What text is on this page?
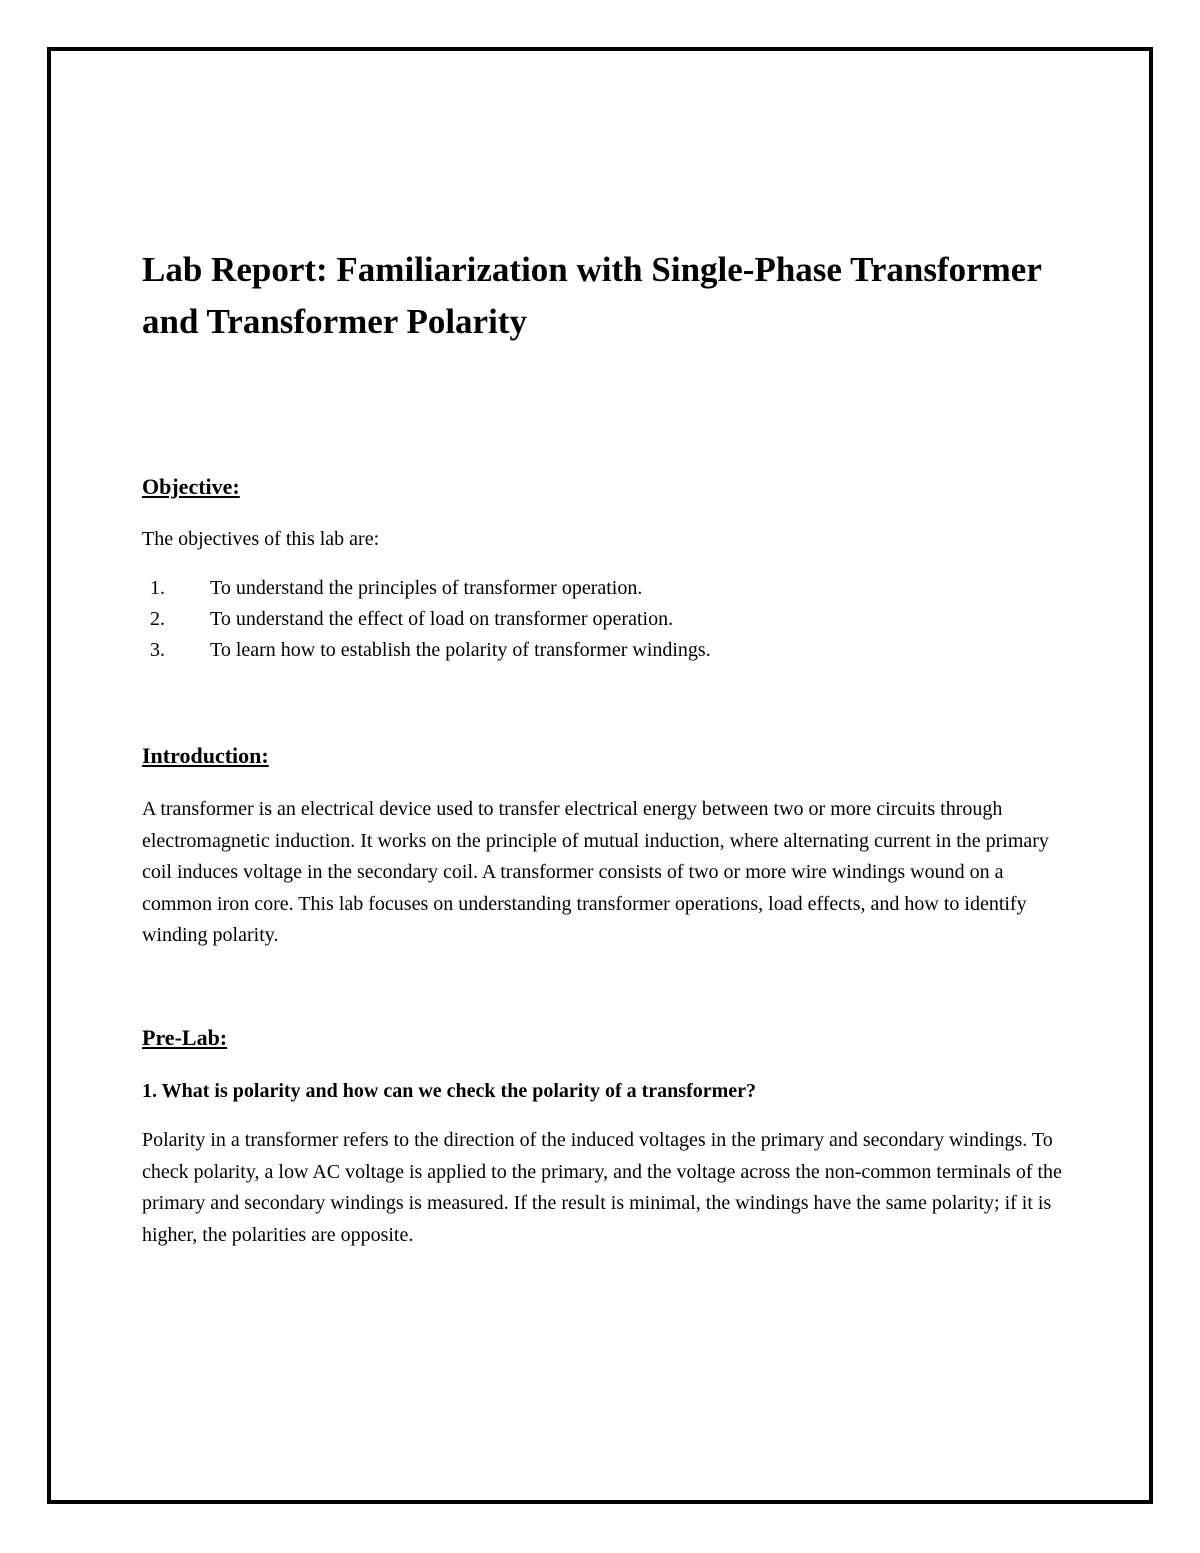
Lab Report: Familiarization with Single-Phase Transformer and Transformer Polarity
Objective:

The objectives of this lab are:

1.	To understand the principles of transformer operation.
2.	To understand the effect of load on transformer operation.
3.	To learn how to establish the polarity of transformer windings.
Introduction:

A transformer is an electrical device used to transfer electrical energy between two or more circuits through electromagnetic induction. It works on the principle of mutual induction, where alternating current in the primary coil induces voltage in the secondary coil. A transformer consists of two or more wire windings wound on a common iron core. This lab focuses on understanding transformer operations, load effects, and how to identify winding polarity.

Pre-Lab:

1. What is polarity and how can we check the polarity of a transformer?

Polarity in a transformer refers to the direction of the induced voltages in the primary and secondary windings. To check polarity, a low AC voltage is applied to the primary, and the voltage across the non-common terminals of the primary and secondary windings is measured. If the result is minimal, the windings have the same polarity; if it is higher, the polarities are opposite.
